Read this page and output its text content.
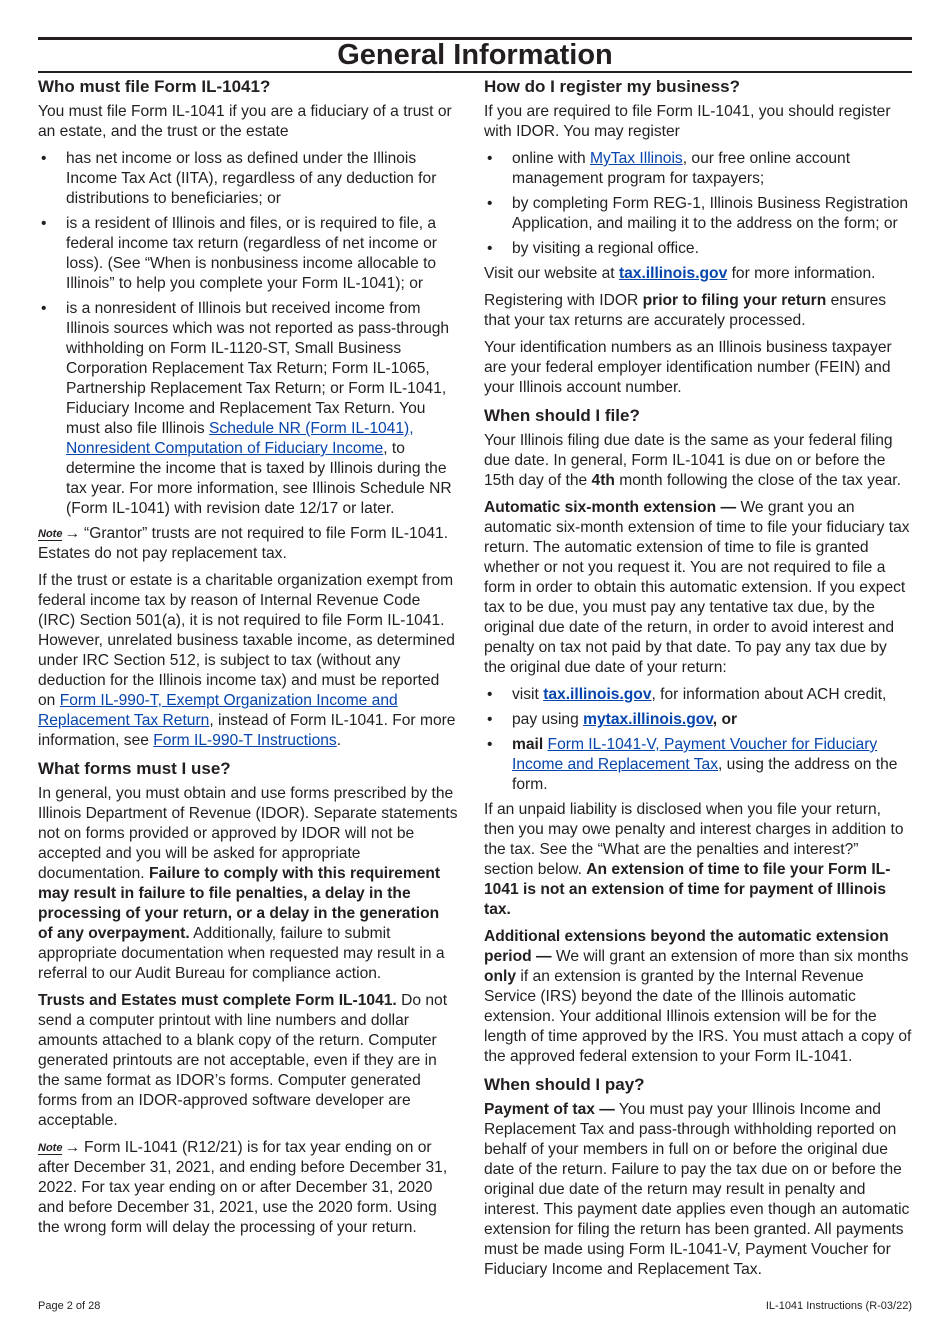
General Information
Who must file Form IL-1041?

You must file Form IL-1041 if you are a fiduciary of a trust or an estate, and the trust or the estate

• has net income or loss as defined under the Illinois Income Tax Act (IITA), regardless of any deduction for distributions to beneficiaries; or
• is a resident of Illinois and files, or is required to file, a federal income tax return (regardless of net income or loss). (See “When is nonbusiness income allocable to Illinois” to help you complete your Form IL-1041); or
• is a nonresident of Illinois but received income from Illinois sources which was not reported as pass-through withholding on Form IL-1120-ST, Small Business Corporation Replacement Tax Return; Form IL-1065, Partnership Replacement Tax Return; or Form IL-1041, Fiduciary Income and Replacement Tax Return. You must also file Illinois Schedule NR (Form IL-1041), Nonresident Computation of Fiduciary Income, to determine the income that is taxed by Illinois during the tax year. For more information, see Illinois Schedule NR (Form IL-1041) with revision date 12/17 or later.

Note → “Grantor” trusts are not required to file Form IL-1041. Estates do not pay replacement tax.

If the trust or estate is a charitable organization exempt from federal income tax by reason of Internal Revenue Code (IRC) Section 501(a), it is not required to file Form IL-1041. However, unrelated business taxable income, as determined under IRC Section 512, is subject to tax (without any deduction for the Illinois income tax) and must be reported on Form IL-990-T, Exempt Organization Income and Replacement Tax Return, instead of Form IL-1041. For more information, see Form IL-990-T Instructions.

What forms must I use?

In general, you must obtain and use forms prescribed by the Illinois Department of Revenue (IDOR). Separate statements not on forms provided or approved by IDOR will not be accepted and you will be asked for appropriate documentation. Failure to comply with this requirement may result in failure to file penalties, a delay in the processing of your return, or a delay in the generation of any overpayment. Additionally, failure to submit appropriate documentation when requested may result in a referral to our Audit Bureau for compliance action.

Trusts and Estates must complete Form IL-1041. Do not send a computer printout with line numbers and dollar amounts attached to a blank copy of the return. Computer generated printouts are not acceptable, even if they are in the same format as IDOR’s forms. Computer generated forms from an IDOR-approved software developer are acceptable.

Note → Form IL-1041 (R12/21) is for tax year ending on or after December 31, 2021, and ending before December 31, 2022. For tax year ending on or after December 31, 2020 and before December 31, 2021, use the 2020 form. Using the wrong form will delay the processing of your return.

How do I register my business?

If you are required to file Form IL-1041, you should register with IDOR. You may register

• online with MyTax Illinois, our free online account management program for taxpayers;
• by completing Form REG-1, Illinois Business Registration Application, and mailing it to the address on the form; or
• by visiting a regional office.

Visit our website at tax.illinois.gov for more information.

Registering with IDOR prior to filing your return ensures that your tax returns are accurately processed.

Your identification numbers as an Illinois business taxpayer are your federal employer identification number (FEIN) and your Illinois account number.

When should I file?

Your Illinois filing due date is the same as your federal filing due date. In general, Form IL-1041 is due on or before the 15th day of the 4th month following the close of the tax year.

Automatic six-month extension — We grant you an automatic six-month extension of time to file your fiduciary tax return. The automatic extension of time to file is granted whether or not you request it. You are not required to file a form in order to obtain this automatic extension. If you expect tax to be due, you must pay any tentative tax due, by the original due date of the return, in order to avoid interest and penalty on tax not paid by that date. To pay any tax due by the original due date of your return:

• visit tax.illinois.gov, for information about ACH credit,
• pay using mytax.illinois.gov, or
• mail Form IL-1041-V, Payment Voucher for Fiduciary Income and Replacement Tax, using the address on the form.

If an unpaid liability is disclosed when you file your return, then you may owe penalty and interest charges in addition to the tax. See the “What are the penalties and interest?” section below. An extension of time to file your Form IL-1041 is not an extension of time for payment of Illinois tax.

Additional extensions beyond the automatic extension period — We will grant an extension of more than six months only if an extension is granted by the Internal Revenue Service (IRS) beyond the date of the Illinois automatic extension. Your additional Illinois extension will be for the length of time approved by the IRS. You must attach a copy of the approved federal extension to your Form IL-1041.

When should I pay?

Payment of tax — You must pay your Illinois Income and Replacement Tax and pass-through withholding reported on behalf of your members in full on or before the original due date of the return. Failure to pay the tax due on or before the original due date of the return may result in penalty and interest. This payment date applies even though an automatic extension for filing the return has been granted. All payments must be made using Form IL-1041-V, Payment Voucher for Fiduciary Income and Replacement Tax.

Page 2 of 28	IL-1041 Instructions (R-03/22)
